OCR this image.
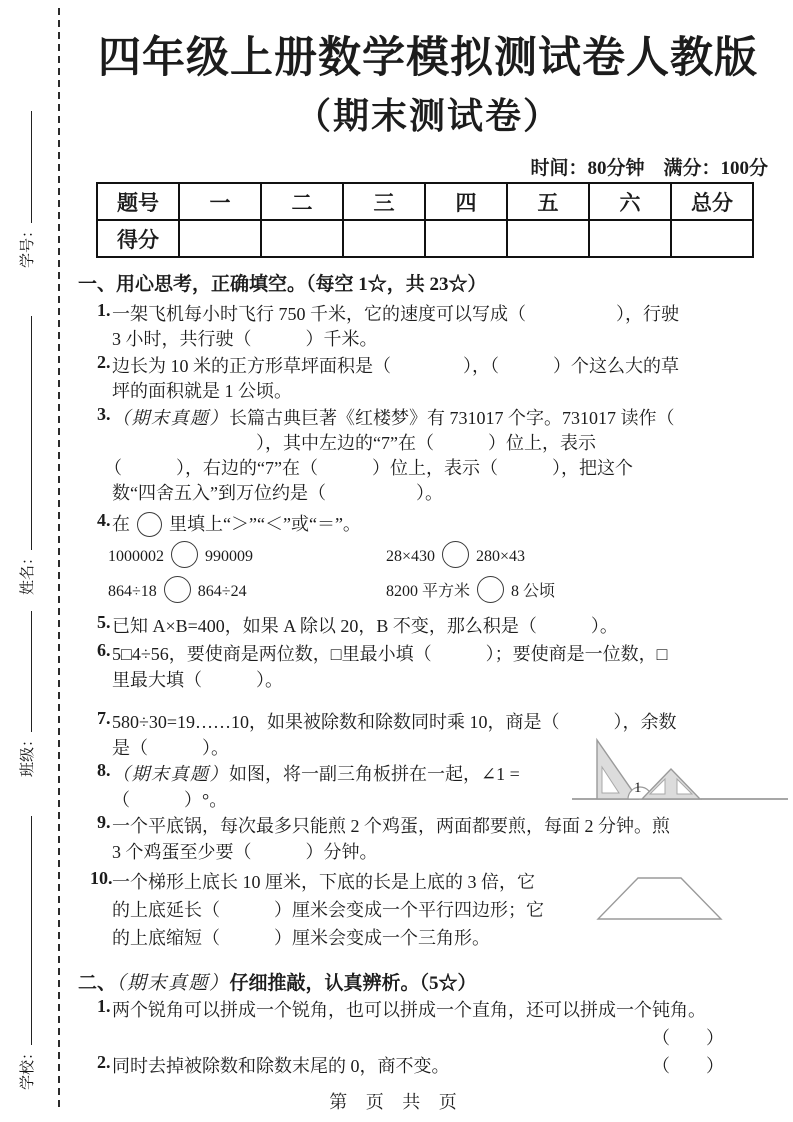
学号：
姓名：
班级：
学校：
四年级上册数学模拟测试卷人教版
（期末测试卷）
时间：80分钟　满分：100分
题号	一	二	三	四	五	六	总分
得分							
一、用心思考，正确填空。（每空 1☆，共 23☆）
1. 一架飞机每小时飞行 750 千米，它的速度可以写成（　　　　　），行驶
3 小时，共行驶（　　　）千米。
2. 边长为 10 米的正方形草坪面积是（　　　　），（　　　）个这么大的草
坪的面积就是 1 公顷。
3. （期末真题）长篇古典巨著《红楼梦》有 731017 个字。731017 读作（
　　　　　　　　），其中左边的“7”在（　　　）位上，表示
（　　　），右边的“7”在（　　　）位上，表示（　　　），把这个
数“四舍五入”到万位约是（　　　　　）。
4. 在 里填上“＞”“＜”或“＝”。
1000002	990009	28×430	280×43
864÷18	864÷24	8200 平方米	8 公顷
5. 已知 A×B=400，如果 A 除以 20，B 不变，那么积是（　　　）。
6. 5□4÷56，要使商是两位数，□里最小填（　　　）；要使商是一位数，□
里最大填（　　　）。
7. 580÷30=19……10，如果被除数和除数同时乘 10，商是（　　　），余数
是（　　　）。
8. （期末真题）如图，将一副三角板拼在一起，∠1 =
（　　　）°。
1
9. 一个平底锅，每次最多只能煎 2 个鸡蛋，两面都要煎，每面 2 分钟。煎
3 个鸡蛋至少要（　　　）分钟。
10. 一个梯形上底长 10 厘米，下底的长是上底的 3 倍，它
的上底延长（　　　）厘米会变成一个平行四边形；它
的上底缩短（　　　）厘米会变成一个三角形。
二、（期末真题）仔细推敲，认真辨析。（5☆）
1. 两个锐角可以拼成一个锐角，也可以拼成一个直角，还可以拼成一个钝角。
（　　）
2. 同时去掉被除数和除数末尾的 0，商不变。	（　　）
第 页 共 页
